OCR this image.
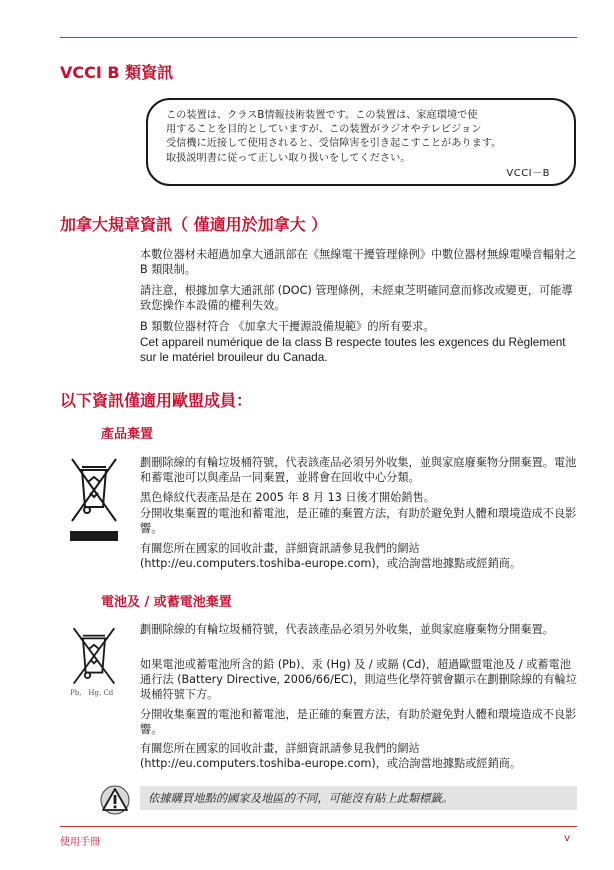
VCCI B 類資訊

この装置は、クラスB情報技術装置です。この装置は、家庭環境で使

用することを目的としていますが、この装置がラジオやテレビジョン

受信機に近接して使用されると、受信障害を引き起こすことがあります。

取扱説明書に従って正しい取り扱いをしてください。

VCCI－B
加拿大規章資訊（ 僅適用於加拿大 ）

本數位器材未超過加拿大通訊部在《無線電干擾管理條例》中數位器材無線電噪音輻射之 B 類限制。

請注意，根據加拿大通訊部 (DOC) 管理條例，未經東芝明確同意而修改或變更，可能導致您操作本設備的權利失效。

B 類數位器材符合 《加拿大干擾源設備規範》的所有要求。

Cet appareil numérique de la class B respecte toutes les exgences du Règlement sur le matériel brouileur du Canada.

以下資訊僅適用歐盟成員：
產品棄置

劃刪除線的有輪垃圾桶符號，代表該產品必須另外收集，並與家庭廢棄物分開棄置。電池和蓄電池可以與產品一同棄置，並將會在回收中心分類。

黑色條紋代表產品是在 2005 年 8 月 13 日後才開始銷售。

分開收集棄置的電池和蓄電池，是正確的棄置方法，有助於避免對人體和環境造成不良影響。

有關您所在國家的回收計畫，詳細資訊請參見我們的網站 (http://eu.computers.toshiba-europe.com)，或洽詢當地據點或經銷商。

電池及 / 或蓄電池棄置
Pb,　Hg, Cd

劃刪除線的有輪垃圾桶符號，代表該產品必須另外收集，並與家庭廢棄物分開棄置。

如果電池或蓄電池所含的鉛 (Pb)、汞 (Hg) 及 / 或鎘 (Cd)，超過歐盟電池及 / 或蓄電池通行法 (Battery Directive, 2006/66/EC)，則這些化學符號會顯示在劃刪除線的有輪垃圾桶符號下方。

分開收集棄置的電池和蓄電池，是正確的棄置方法，有助於避免對人體和環境造成不良影響。

有關您所在國家的回收計畫，詳細資訊請參見我們的網站 (http://eu.computers.toshiba-europe.com)，或洽詢當地據點或經銷商。

依據購買地點的國家及地區的不同，可能沒有貼上此類標籤。
使用手冊	v
